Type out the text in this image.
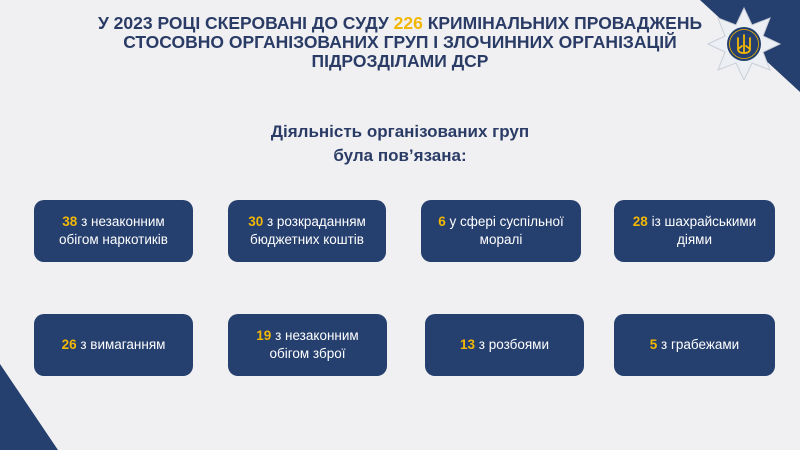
У 2023 РОЦІ СКЕРОВАНІ ДО СУДУ 226 КРИМІНАЛЬНИХ ПРОВАДЖЕНЬ СТОСОВНО ОРГАНІЗОВАНИХ ГРУП І ЗЛОЧИННИХ ОРГАНІЗАЦІЙ ПІДРОЗДІЛАМИ ДСР
Діяльність організованих груп
була пов’язана:
38 з незаконним обігом наркотиків
30 з розкраданням бюджетних коштів
6 у сфері суспільної моралі
28 із шахрайськими діями
26 з вимаганням
19 з незаконним обігом зброї
13 з розбоями	5 з грабежами
